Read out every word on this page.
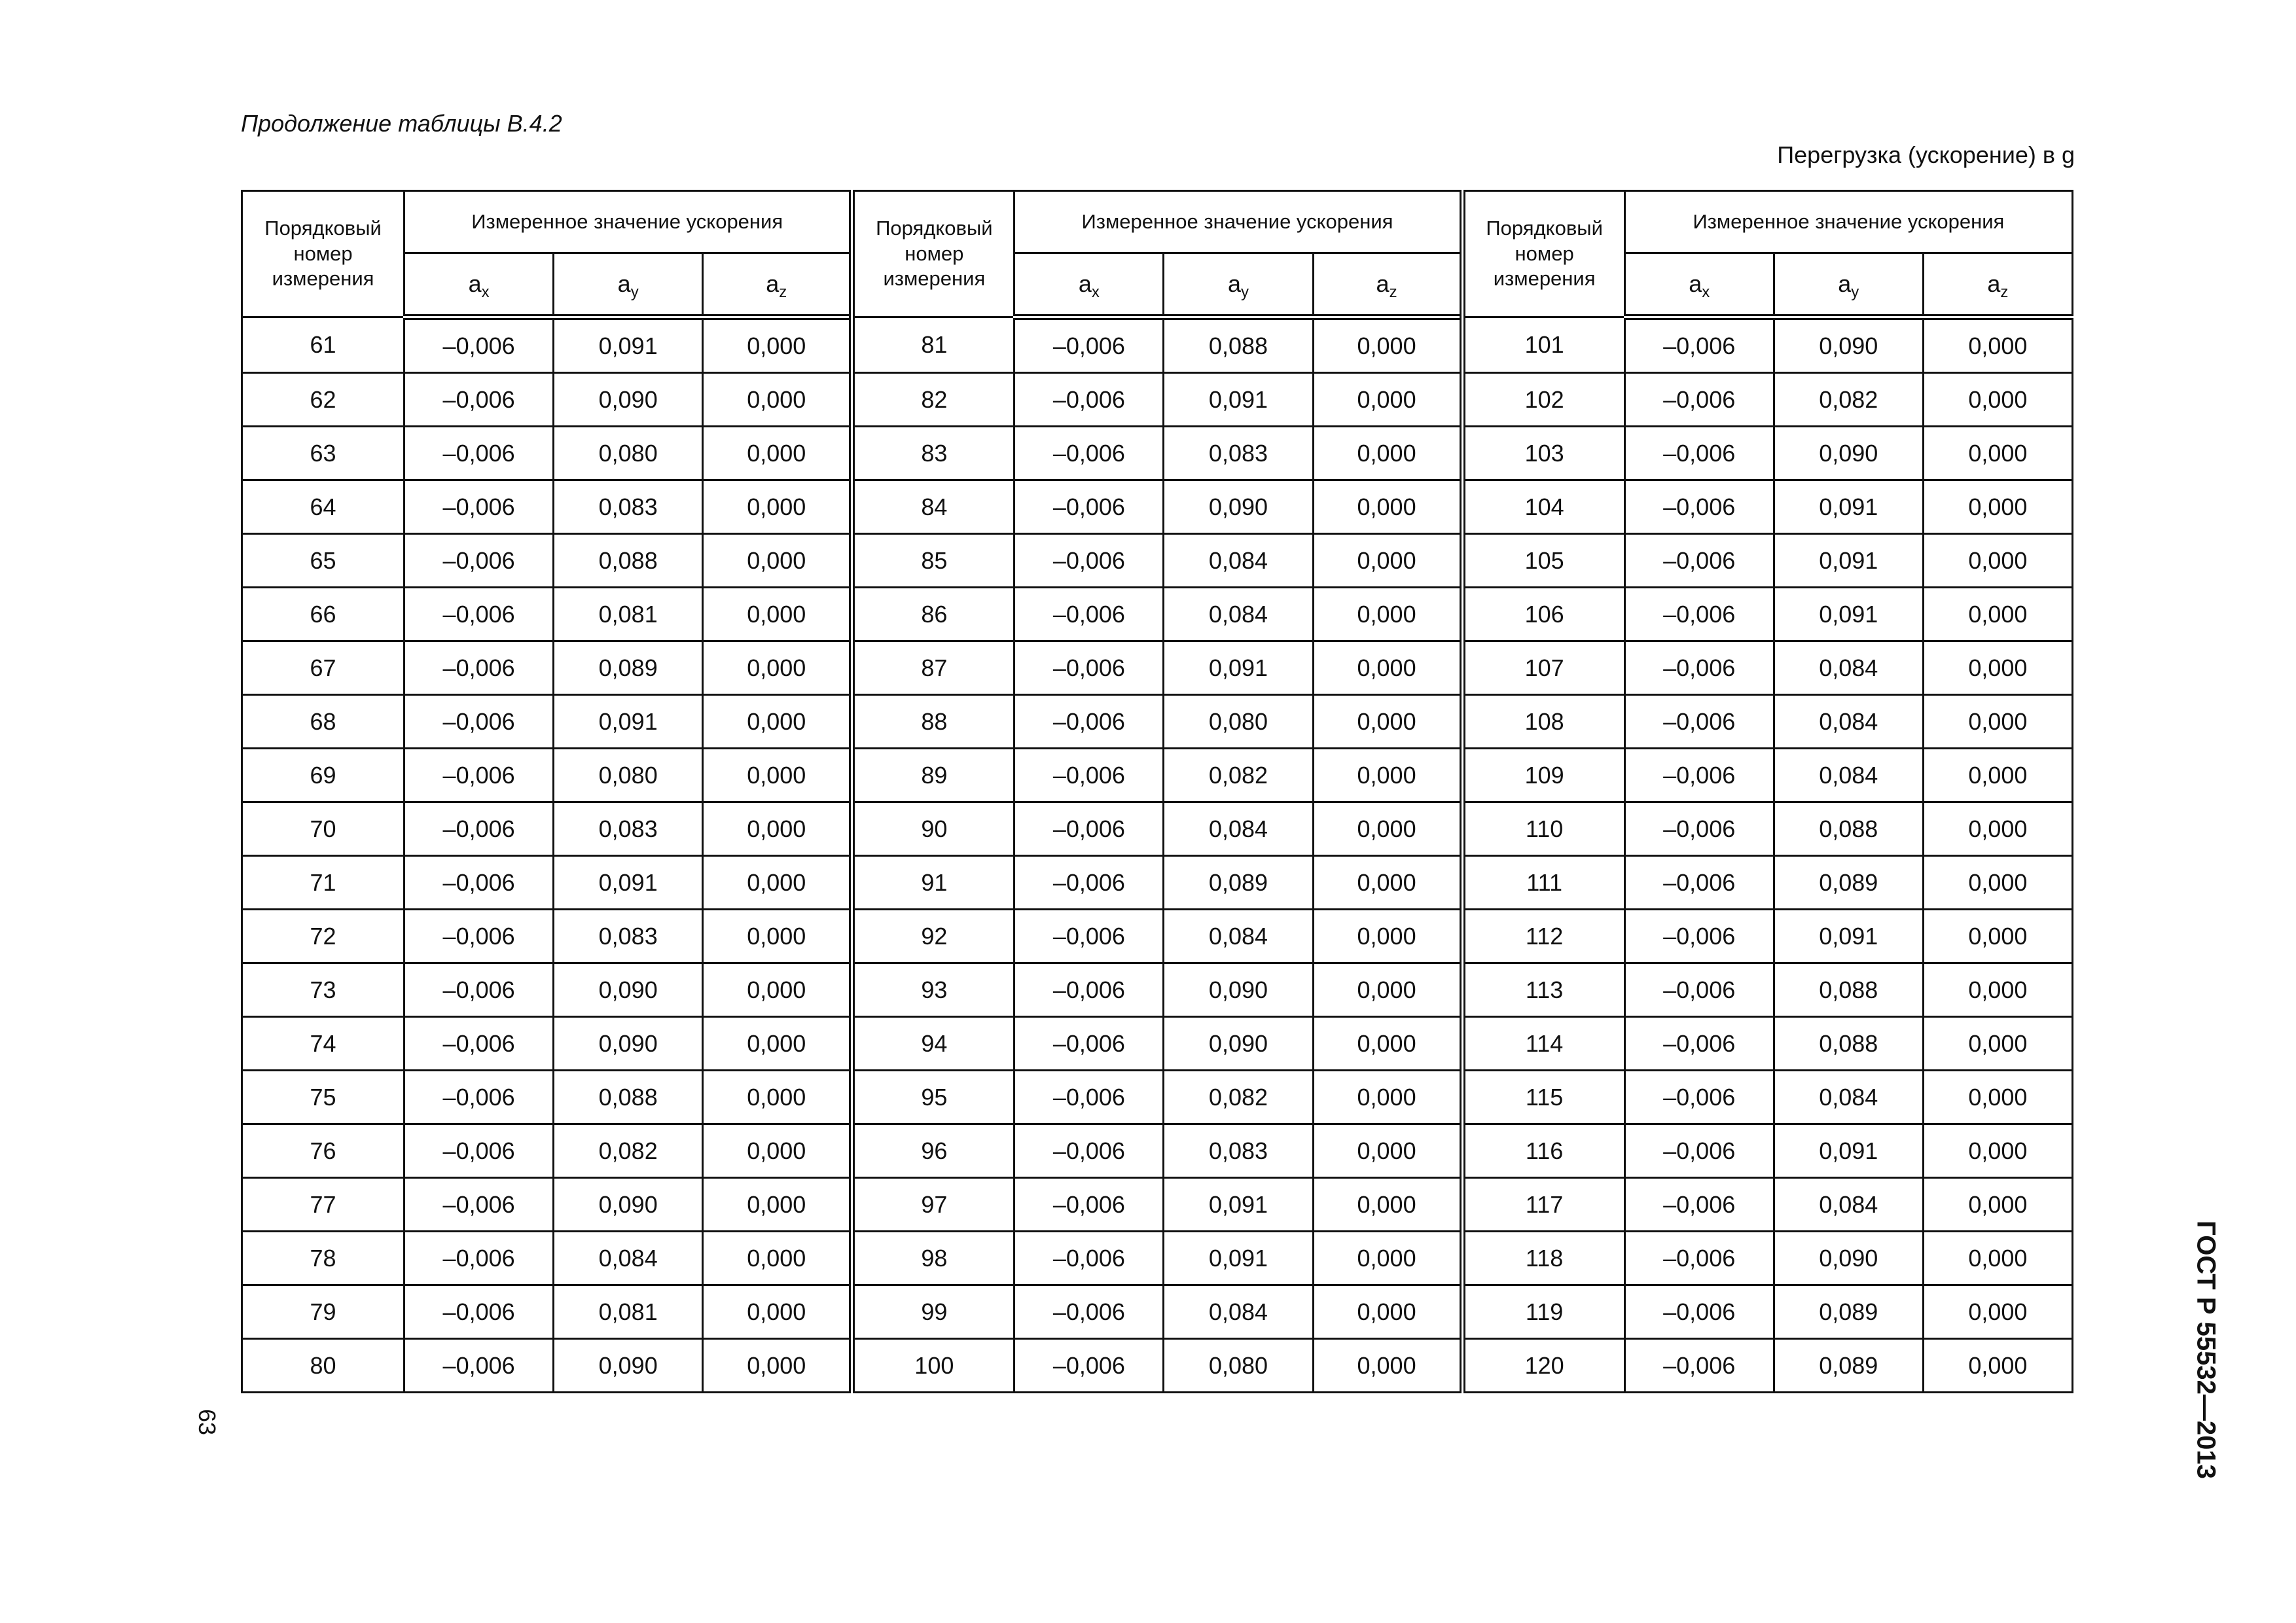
Продолжение таблицы В.4.2
Перегрузка (ускорение) в g
Порядковый номер измерения	Измеренное значение ускорения			Порядковый номер измерения	Измеренное значение ускорения			Порядковый номер измерения	Измеренное значение ускорения		
	$a_x$	$a_y$	$a_z$		$a_x$	$a_y$	$a_z$		$a_x$	$a_y$	$a_z$
61	–0,006	0,091	0,000	81	–0,006	0,088	0,000	101	–0,006	0,090	0,000
62	–0,006	0,090	0,000	82	–0,006	0,091	0,000	102	–0,006	0,082	0,000
63	–0,006	0,080	0,000	83	–0,006	0,083	0,000	103	–0,006	0,090	0,000
64	–0,006	0,083	0,000	84	–0,006	0,090	0,000	104	–0,006	0,091	0,000
65	–0,006	0,088	0,000	85	–0,006	0,084	0,000	105	–0,006	0,091	0,000
66	–0,006	0,081	0,000	86	–0,006	0,084	0,000	106	–0,006	0,091	0,000
67	–0,006	0,089	0,000	87	–0,006	0,091	0,000	107	–0,006	0,084	0,000
68	–0,006	0,091	0,000	88	–0,006	0,080	0,000	108	–0,006	0,084	0,000
69	–0,006	0,080	0,000	89	–0,006	0,082	0,000	109	–0,006	0,084	0,000
70	–0,006	0,083	0,000	90	–0,006	0,084	0,000	110	–0,006	0,088	0,000
71	–0,006	0,091	0,000	91	–0,006	0,089	0,000	111	–0,006	0,089	0,000
72	–0,006	0,083	0,000	92	–0,006	0,084	0,000	112	–0,006	0,091	0,000
73	–0,006	0,090	0,000	93	–0,006	0,090	0,000	113	–0,006	0,088	0,000
74	–0,006	0,090	0,000	94	–0,006	0,090	0,000	114	–0,006	0,088	0,000
75	–0,006	0,088	0,000	95	–0,006	0,082	0,000	115	–0,006	0,084	0,000
76	–0,006	0,082	0,000	96	–0,006	0,083	0,000	116	–0,006	0,091	0,000
77	–0,006	0,090	0,000	97	–0,006	0,091	0,000	117	–0,006	0,084	0,000
78	–0,006	0,084	0,000	98	–0,006	0,091	0,000	118	–0,006	0,090	0,000
79	–0,006	0,081	0,000	99	–0,006	0,084	0,000	119	–0,006	0,089	0,000
80	–0,006	0,090	0,000	100	–0,006	0,080	0,000	120	–0,006	0,089	0,000
63	ГОСТ Р 55532—2013
